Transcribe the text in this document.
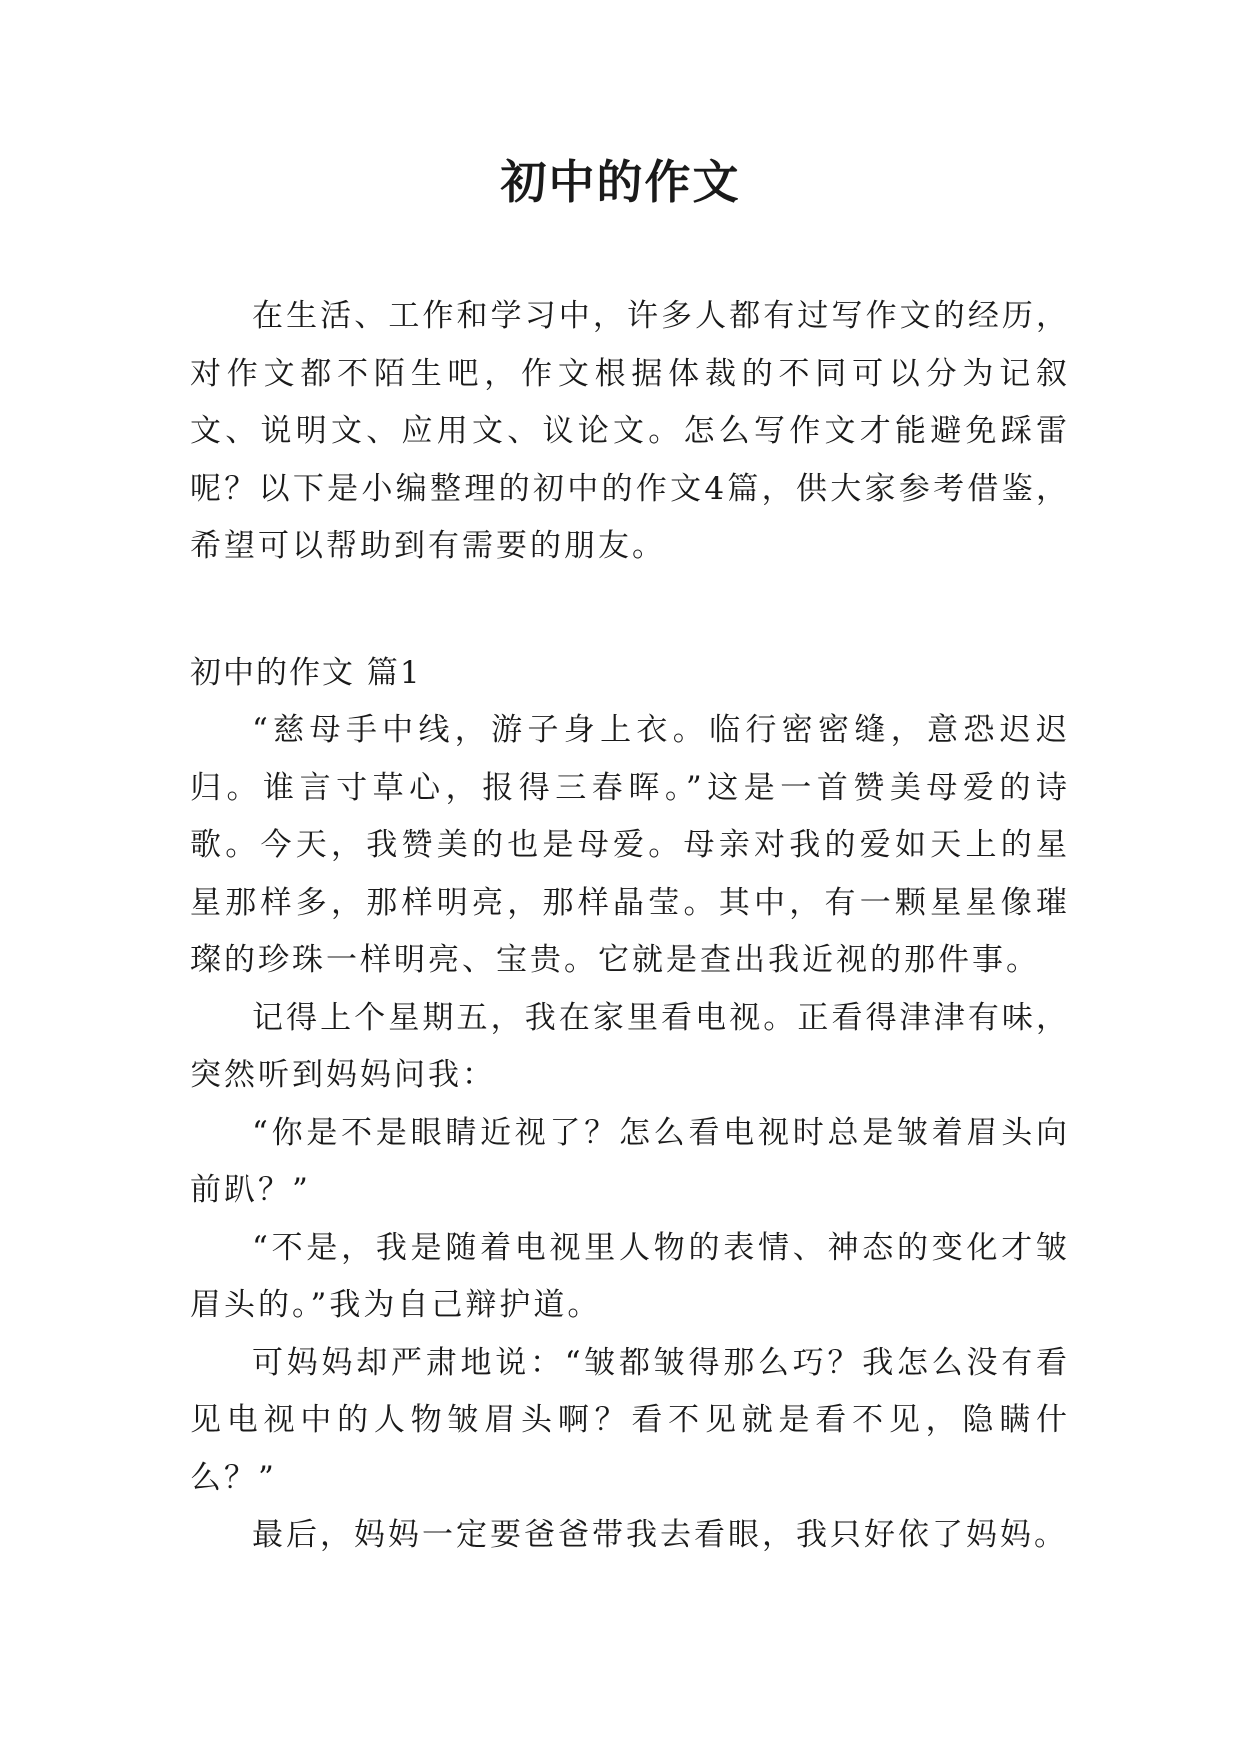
初中的作文

在生活、工作和学习中，许多人都有过写作文的经历，对作文都不陌生吧，作文根据体裁的不同可以分为记叙文、说明文、应用文、议论文。怎么写作文才能避免踩雷呢？以下是小编整理的初中的作文4篇，供大家参考借鉴，希望可以帮助到有需要的朋友。

初中的作文 篇1

“慈母手中线，游子身上衣。临行密密缝，意恐迟迟归。谁言寸草心，报得三春晖。”这是一首赞美母爱的诗歌。今天，我赞美的也是母爱。母亲对我的爱如天上的星星那样多，那样明亮，那样晶莹。其中，有一颗星星像璀璨的珍珠一样明亮、宝贵。它就是查出我近视的那件事。

记得上个星期五，我在家里看电视。正看得津津有味，突然听到妈妈问我：

“你是不是眼睛近视了？怎么看电视时总是皱着眉头向前趴？”

“不是，我是随着电视里人物的表情、神态的变化才皱眉头的。”我为自己辩护道。

可妈妈却严肃地说：“皱都皱得那么巧？我怎么没有看见电视中的人物皱眉头啊？看不见就是看不见，隐瞒什么？”

最后，妈妈一定要爸爸带我去看眼，我只好依了妈妈。
